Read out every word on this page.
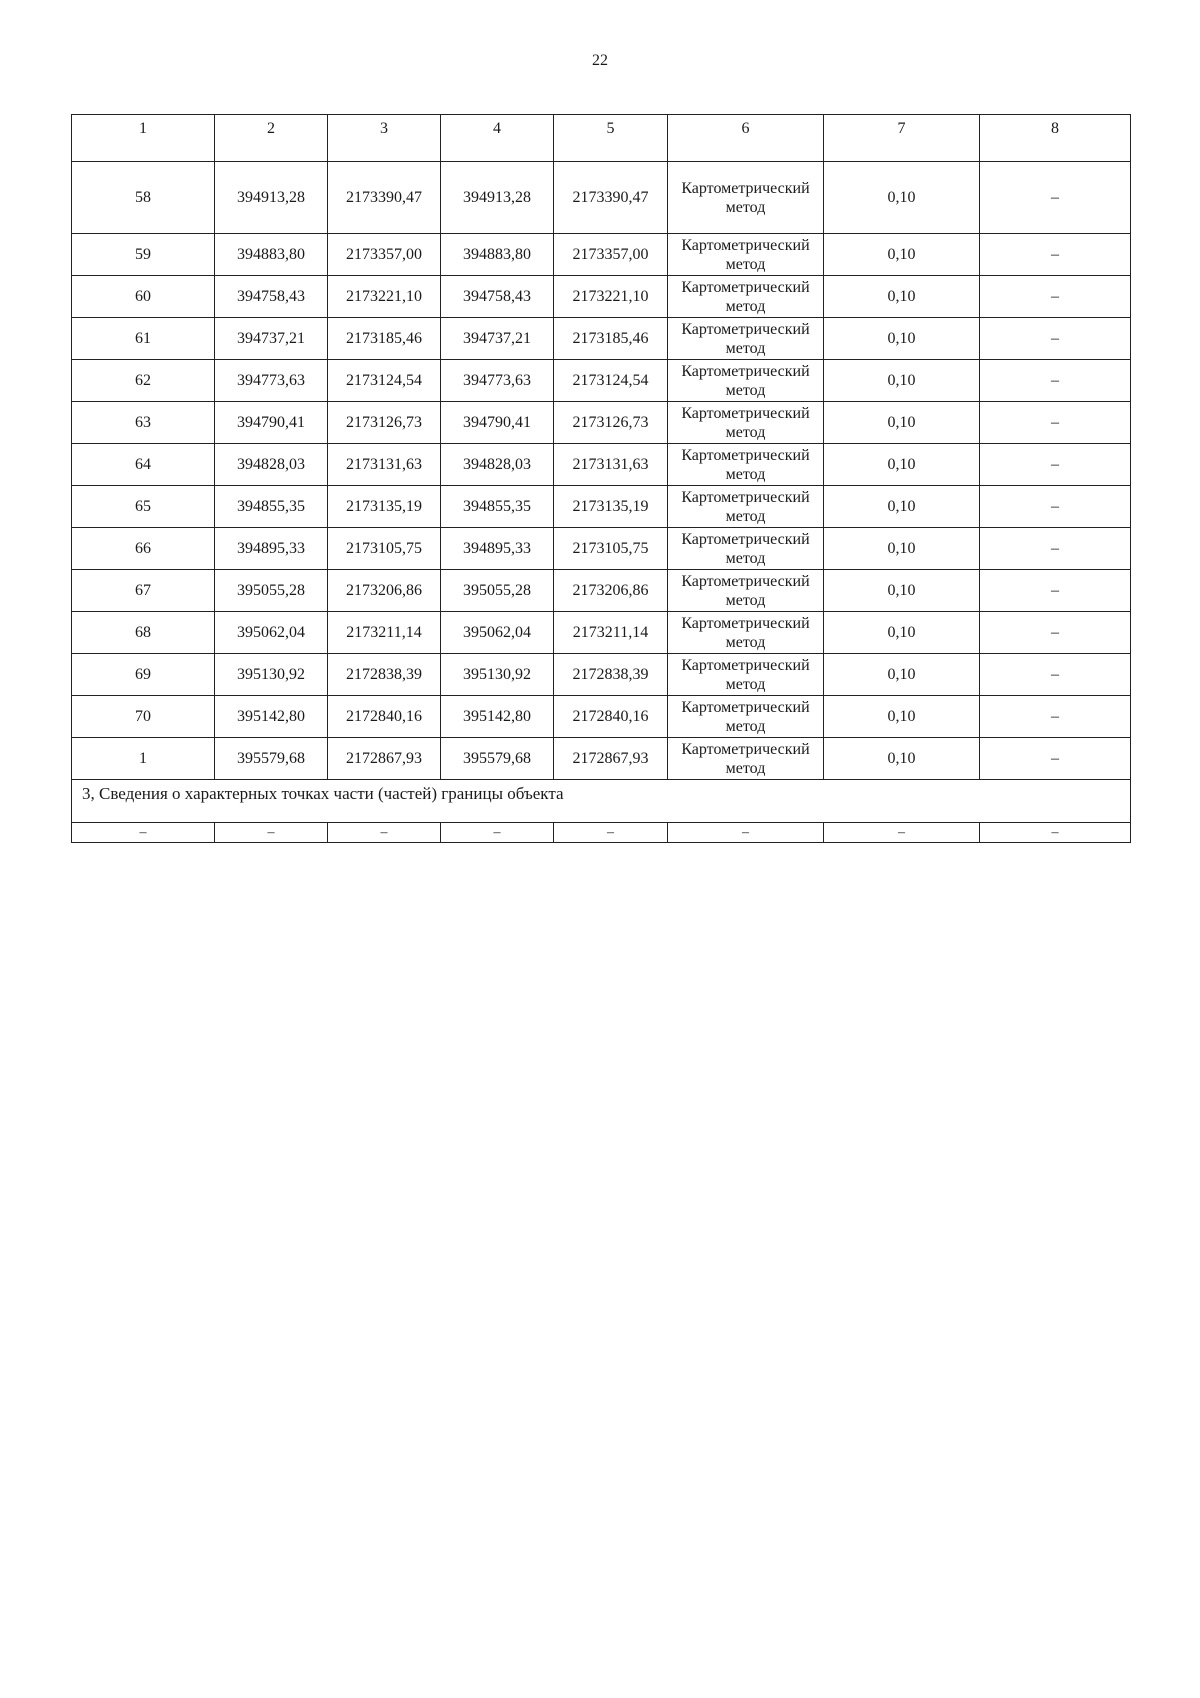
22
1	2	3	4	5	6	7	8
58	394913,28	2173390,47	394913,28	2173390,47	Картометрический метод	0,10	–
59	394883,80	2173357,00	394883,80	2173357,00	Картометрический метод	0,10	–
60	394758,43	2173221,10	394758,43	2173221,10	Картометрический метод	0,10	–
61	394737,21	2173185,46	394737,21	2173185,46	Картометрический метод	0,10	–
62	394773,63	2173124,54	394773,63	2173124,54	Картометрический метод	0,10	–
63	394790,41	2173126,73	394790,41	2173126,73	Картометрический метод	0,10	–
64	394828,03	2173131,63	394828,03	2173131,63	Картометрический метод	0,10	–
65	394855,35	2173135,19	394855,35	2173135,19	Картометрический метод	0,10	–
66	394895,33	2173105,75	394895,33	2173105,75	Картометрический метод	0,10	–
67	395055,28	2173206,86	395055,28	2173206,86	Картометрический метод	0,10	–
68	395062,04	2173211,14	395062,04	2173211,14	Картометрический метод	0,10	–
69	395130,92	2172838,39	395130,92	2172838,39	Картометрический метод	0,10	–
70	395142,80	2172840,16	395142,80	2172840,16	Картометрический метод	0,10	–
1	395579,68	2172867,93	395579,68	2172867,93	Картометрический метод	0,10	–
3, Сведения о характерных точках части (частей) границы объекта							
–	–	–	–	–	–	–	–
